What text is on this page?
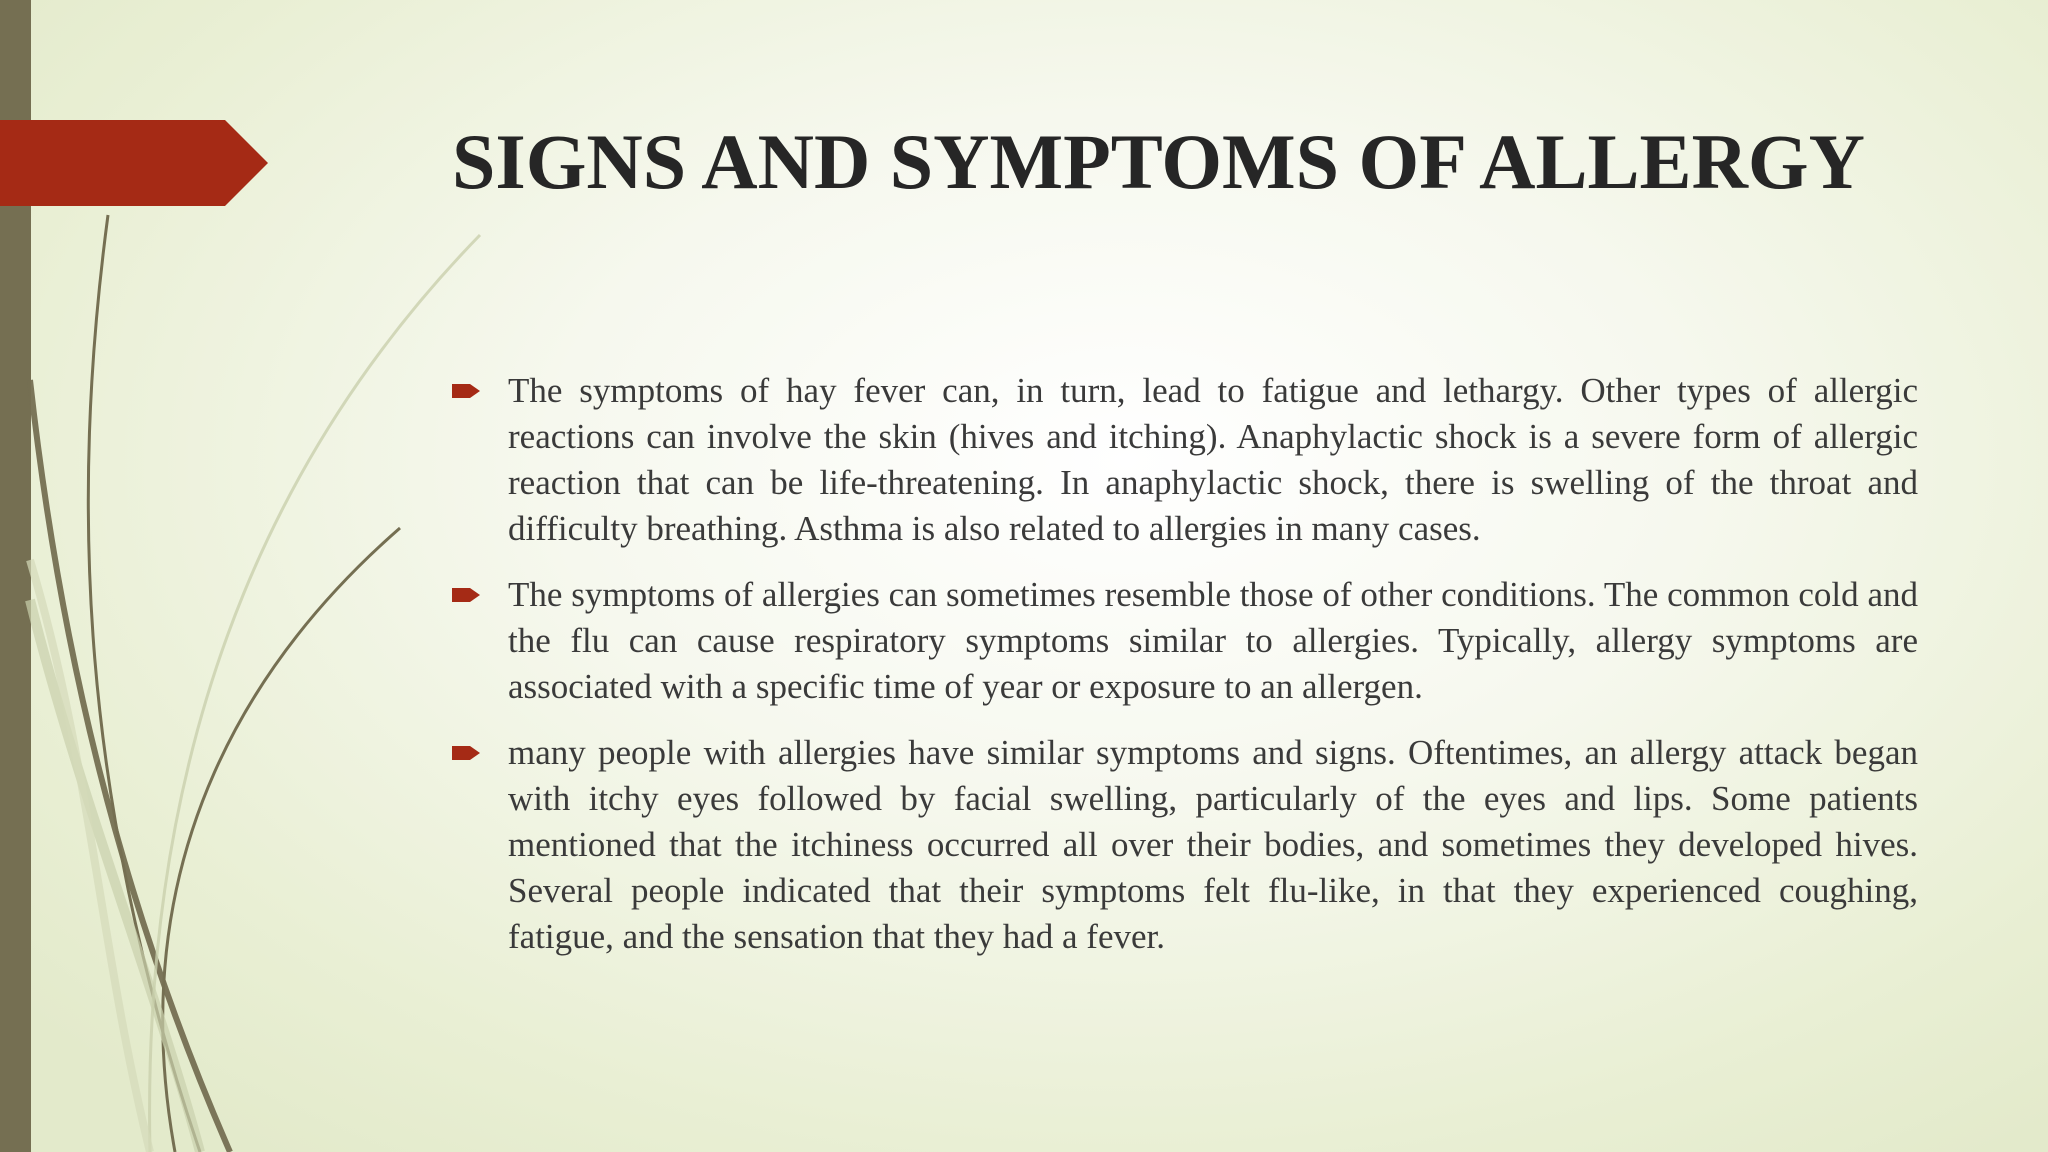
SIGNS AND SYMPTOMS OF ALLERGY
The symptoms of hay fever can, in turn, lead to fatigue and lethargy. Other types of allergic reactions can involve the skin (hives and itching). Anaphylactic shock is a severe form of allergic reaction that can be life-threatening. In anaphylactic shock, there is swelling of the throat and difficulty breathing. Asthma is also related to allergies in many cases.
The symptoms of allergies can sometimes resemble those of other conditions. The common cold and the flu can cause respiratory symptoms similar to allergies. Typically, allergy symptoms are associated with a specific time of year or exposure to an allergen.
many people with allergies have similar symptoms and signs. Oftentimes, an allergy attack began with itchy eyes followed by facial swelling, particularly of the eyes and lips. Some patients mentioned that the itchiness occurred all over their bodies, and sometimes they developed hives. Several people indicated that their symptoms felt flu-like, in that they experienced coughing, fatigue, and the sensation that they had a fever.
